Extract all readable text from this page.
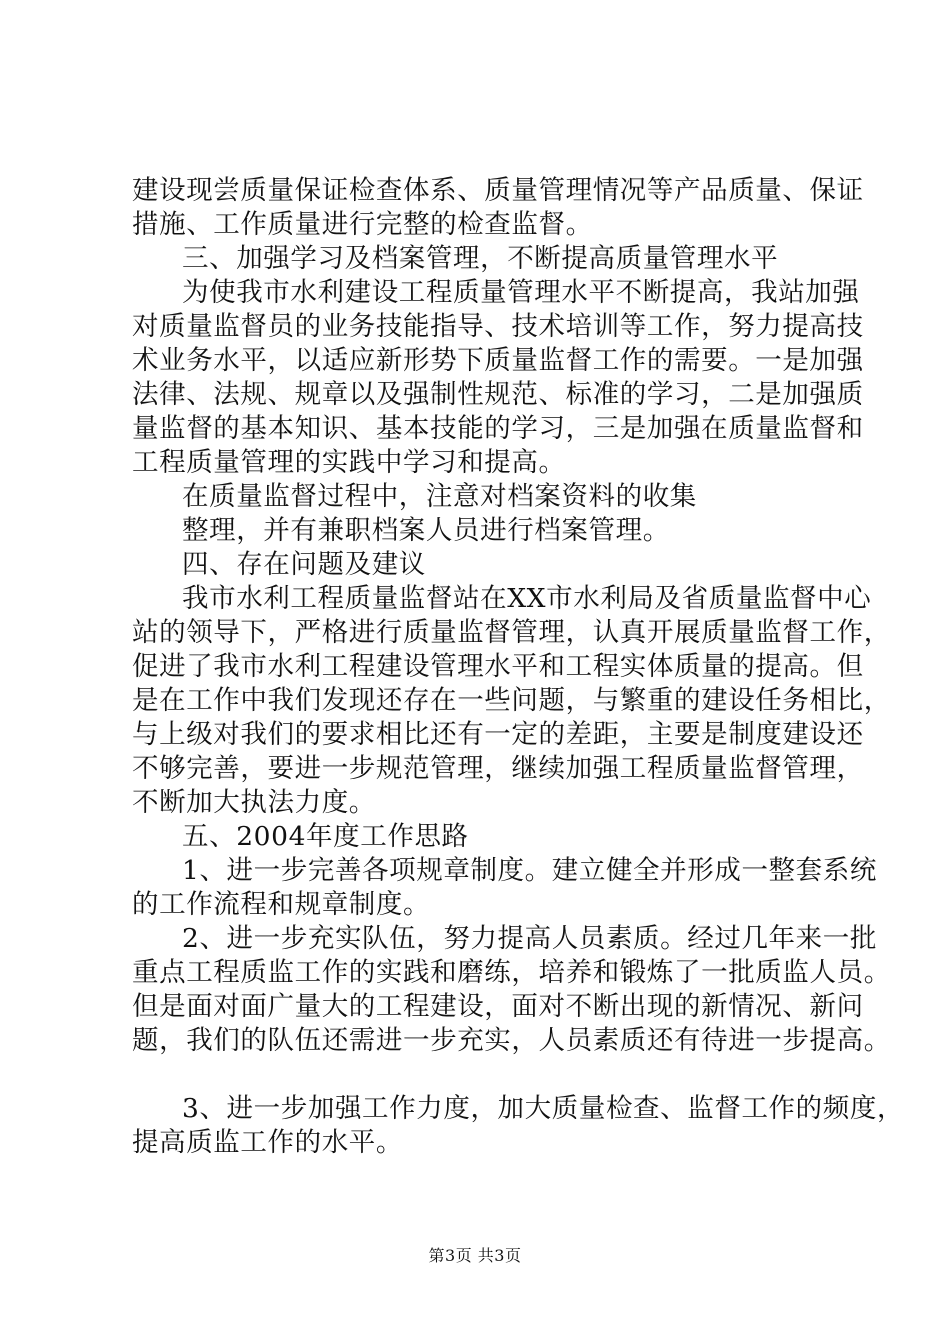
建设现尝质量保证检查体系、质量管理情况等产品质量、保证
措施、工作质量进行完整的检查监督。
三、加强学习及档案管理，不断提高质量管理水平
为使我市水利建设工程质量管理水平不断提高，我站加强
对质量监督员的业务技能指导、技术培训等工作，努力提高技
术业务水平，以适应新形势下质量监督工作的需要。一是加强
法律、法规、规章以及强制性规范、标准的学习，二是加强质
量监督的基本知识、基本技能的学习，三是加强在质量监督和
工程质量管理的实践中学习和提高。
在质量监督过程中，注意对档案资料的收集
整理，并有兼职档案人员进行档案管理。
四、存在问题及建议
我市水利工程质量监督站在XX市水利局及省质量监督中心
站的领导下，严格进行质量监督管理，认真开展质量监督工作，
促进了我市水利工程建设管理水平和工程实体质量的提高。但
是在工作中我们发现还存在一些问题，与繁重的建设任务相比，
与上级对我们的要求相比还有一定的差距，主要是制度建设还
不够完善，要进一步规范管理，继续加强工程质量监督管理，
不断加大执法力度。
五、2004年度工作思路
1、进一步完善各项规章制度。建立健全并形成一整套系统
的工作流程和规章制度。
2、进一步充实队伍，努力提高人员素质。经过几年来一批
重点工程质监工作的实践和磨练，培养和锻炼了一批质监人员。
但是面对面广量大的工程建设，面对不断出现的新情况、新问
题，我们的队伍还需进一步充实，人员素质还有待进一步提高。
3、进一步加强工作力度，加大质量检查、监督工作的频度，
提高质监工作的水平。
第3页 共3页
